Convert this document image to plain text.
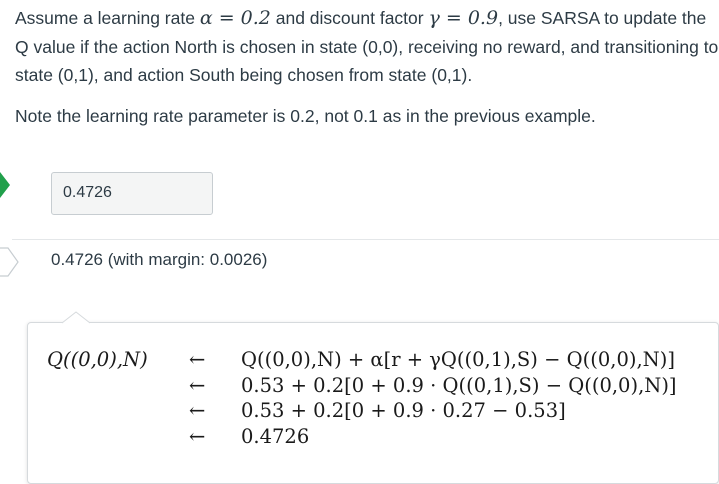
Assume a learning rate α = 0.2 and discount factor γ = 0.9, use SARSA to update the Q value if the action North is chosen in state (0,0), receiving no reward, and transitioning to state (0,1), and action South being chosen from state (0,1).

Note the learning rate parameter is 0.2, not 0.1 as in the previous example.

0.4726
0.4726 (with margin: 0.0026)
Q((0,0),N) ← Q((0,0),N) + α[r + γQ((0,1),S) − Q((0,0),N)]
← 0.53 + 0.2[0 + 0.9 · Q((0,1),S) − Q((0,0),N)]
← 0.53 + 0.2[0 + 0.9 · 0.27 − 0.53]
← 0.4726
